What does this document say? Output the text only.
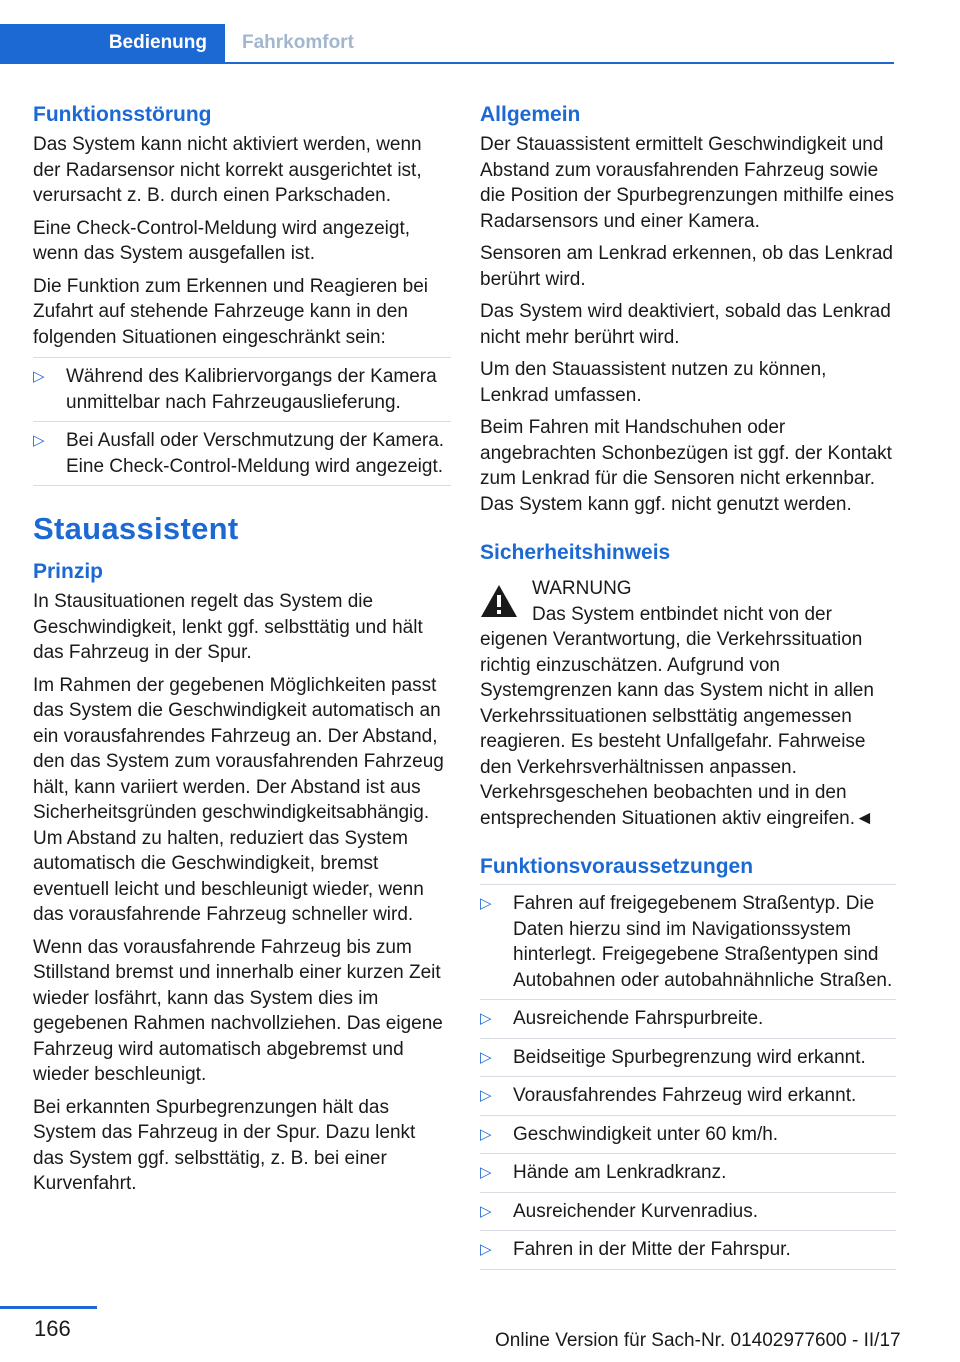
Bedienung	Fahrkomfort
Funktionsstörung

Das System kann nicht aktiviert werden, wenn der Radarsensor nicht korrekt ausgerichtet ist, verursacht z. B. durch einen Parkschaden.

Eine Check-Control-Meldung wird angezeigt, wenn das System ausgefallen ist.

Die Funktion zum Erkennen und Reagieren bei Zufahrt auf stehende Fahrzeuge kann in den folgenden Situationen eingeschränkt sein:

▷ Während des Kalibriervorgangs der Kamera unmittelbar nach Fahrzeugauslieferung.
▷ Bei Ausfall oder Verschmutzung der Kamera. Eine Check-Control-Meldung wird angezeigt.
Stauassistent
Prinzip

In Stausituationen regelt das System die Geschwindigkeit, lenkt ggf. selbsttätig und hält das Fahrzeug in der Spur.

Im Rahmen der gegebenen Möglichkeiten passt das System die Geschwindigkeit automatisch an ein vorausfahrendes Fahrzeug an. Der Abstand, den das System zum vorausfahrenden Fahrzeug hält, kann variiert werden. Der Abstand ist aus Sicherheitsgründen geschwindigkeitsabhängig. Um Abstand zu halten, reduziert das System automatisch die Geschwindigkeit, bremst eventuell leicht und beschleunigt wieder, wenn das vorausfahrende Fahrzeug schneller wird.

Wenn das vorausfahrende Fahrzeug bis zum Stillstand bremst und innerhalb einer kurzen Zeit wieder losfährt, kann das System dies im gegebenen Rahmen nachvollziehen. Das eigene Fahrzeug wird automatisch abgebremst und wieder beschleunigt.

Bei erkannten Spurbegrenzungen hält das System das Fahrzeug in der Spur. Dazu lenkt das System ggf. selbsttätig, z. B. bei einer Kurvenfahrt.

Allgemein

Der Stauassistent ermittelt Geschwindigkeit und Abstand zum vorausfahrenden Fahrzeug sowie die Position der Spurbegrenzungen mithilfe eines Radarsensors und einer Kamera.

Sensoren am Lenkrad erkennen, ob das Lenkrad berührt wird.

Das System wird deaktiviert, sobald das Lenkrad nicht mehr berührt wird.

Um den Stauassistent nutzen zu können, Lenkrad umfassen.

Beim Fahren mit Handschuhen oder angebrachten Schonbezügen ist ggf. der Kontakt zum Lenkrad für die Sensoren nicht erkennbar. Das System kann ggf. nicht genutzt werden.

Sicherheitshinweis
WARNUNG
Das System entbindet nicht von der eigenen Verantwortung, die Verkehrssituation richtig einzuschätzen. Aufgrund von Systemgrenzen kann das System nicht in allen Verkehrssituationen selbsttätig angemessen reagieren. Es besteht Unfallgefahr. Fahrweise den Verkehrsverhältnissen anpassen. Verkehrsgeschehen beobachten und in den entsprechenden Situationen aktiv eingreifen.◄
Funktionsvoraussetzungen
▷ Fahren auf freigegebenem Straßentyp. Die Daten hierzu sind im Navigationssystem hinterlegt. Freigegebene Straßentypen sind Autobahnen oder autobahnähnliche Straßen.
▷ Ausreichende Fahrspurbreite.
▷ Beidseitige Spurbegrenzung wird erkannt.
▷ Vorausfahrendes Fahrzeug wird erkannt.
▷ Geschwindigkeit unter 60 km/h.
▷ Hände am Lenkradkranz.
▷ Ausreichender Kurvenradius.
▷ Fahren in der Mitte der Fahrspur.
166	Online Version für Sach-Nr. 01402977600 - II/17
